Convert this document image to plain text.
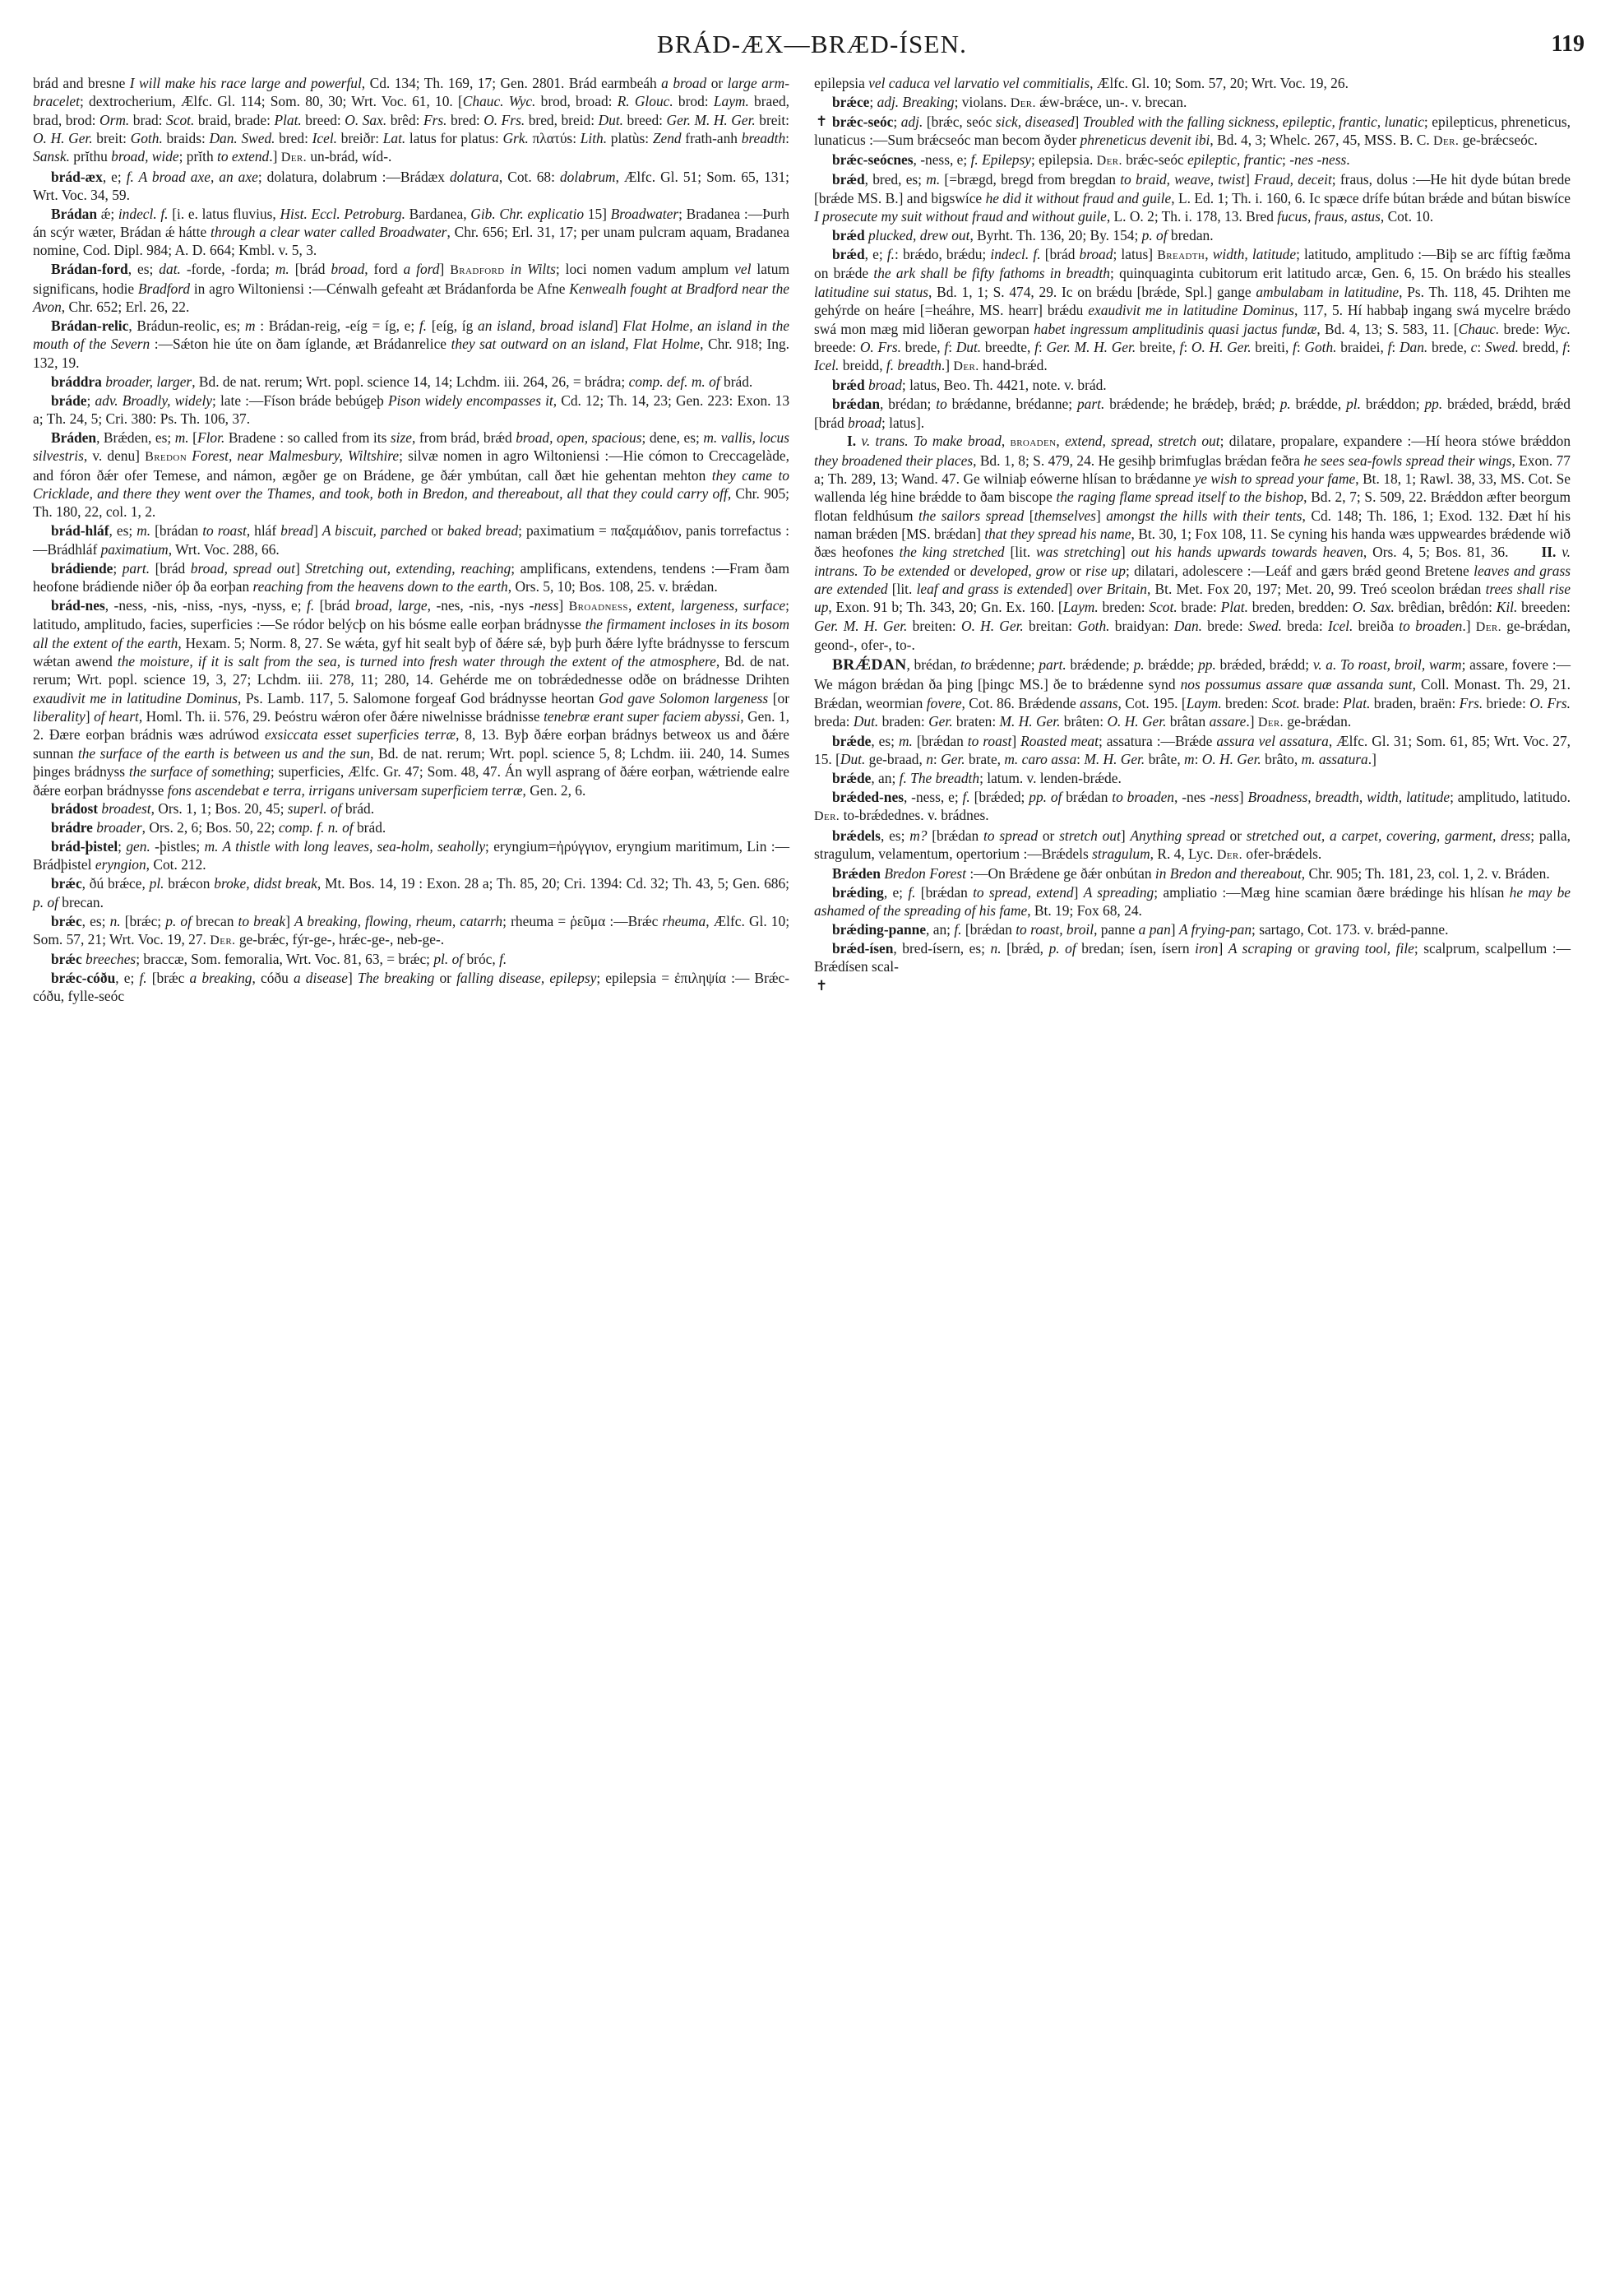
BRÁD-ÆX—BRÆD-ÍSEN.	119
✝
✝

brád and bresne I will make his race large and powerful, Cd. 134; Th. 169, 17; Gen. 2801. Brád earmbeáh a broad or large arm-bracelet; dextrocherium, Ælfc. Gl. 114; Som. 80, 30; Wrt. Voc. 61, 10. [Chauc. Wyc. brod, broad: R. Glouc. brod: Laym. braed, brad, brod: Orm. brad: Scot. braid, brade: Plat. breed: O. Sax. brêd: Frs. bred: O. Frs. bred, breid: Dut. breed: Ger. M. H. Ger. breit: O. H. Ger. breit: Goth. braids: Dan. Swed. bred: Icel. breiðr: Lat. latus for platus: Grk. πλατύs: Lith. platùs: Zend frath-anh breadth: Sansk. prĭthu broad, wide; prĭth to extend.] Der. un-brád, wíd-.

brád-æx, e; f. A broad axe, an axe; dolatura, dolabrum :—Brádæx dolatura, Cot. 68: dolabrum, Ælfc. Gl. 51; Som. 65, 131; Wrt. Voc. 34, 59.

Brádan ǽ; indecl. f. [i. e. latus fluvius, Hist. Eccl. Petroburg. Bardanea, Gib. Chr. explicatio 15] Broadwater; Bradanea :—Þurh án scýr wæter, Brádan ǽ hátte through a clear water called Broadwater, Chr. 656; Erl. 31, 17; per unam pulcram aquam, Bradanea nomine, Cod. Dipl. 984; A. D. 664; Kmbl. v. 5, 3.

Brádan-ford, es; dat. -forde, -forda; m. [brád broad, ford a ford] Bradford in Wilts; loci nomen vadum amplum vel latum significans, hodie Bradford in agro Wiltoniensi :—Cénwalh gefeaht æt Brádanforda be Afne Kenwealh fought at Bradford near the Avon, Chr. 652; Erl. 26, 22.

Brádan-relic, Brádun-reolic, es; m : Brádan-reig, -eíg = íg, e; f. [eíg, íg an island, broad island] Flat Holme, an island in the mouth of the Severn :—Sǽton hie úte on ðam íglande, æt Brádanrelice they sat outward on an island, Flat Holme, Chr. 918; Ing. 132, 19.

bráddra broader, larger, Bd. de nat. rerum; Wrt. popl. science 14, 14; Lchdm. iii. 264, 26, = brádra; comp. def. m. of brád.

bráde; adv. Broadly, widely; late :—Físon bráde bebúgeþ Pison widely encompasses it, Cd. 12; Th. 14, 23; Gen. 223: Exon. 13 a; Th. 24, 5; Cri. 380: Ps. Th. 106, 37.

Bráden, Brǽden, es; m. [Flor. Bradene : so called from its size, from brád, brǽd broad, open, spacious; dene, es; m. vallis, locus silvestris, v. denu] Bredon Forest, near Malmesbury, Wiltshire; silvæ nomen in agro Wiltoniensi :—Hie cómon to Creccagelàde, and fóron ðǽr ofer Temese, and námon, ægðer ge on Brádene, ge ðǽr ymbútan, call ðæt hie gehentan mehton they came to Cricklade, and there they went over the Thames, and took, both in Bredon, and thereabout, all that they could carry off, Chr. 905; Th. 180, 22, col. 1, 2.

brád-hláf, es; m. [brádan to roast, hláf bread] A biscuit, parched or baked bread; paximatium = παξαμάδιον, panis torrefactus :—Brádhláf paximatium, Wrt. Voc. 288, 66.

brádiende; part. [brád broad, spread out] Stretching out, extending, reaching; amplificans, extendens, tendens :—Fram ðam heofone brádiende niðer óþ ða eorþan reaching from the heavens down to the earth, Ors. 5, 10; Bos. 108, 25. v. brǽdan.

brád-nes, -ness, -nis, -niss, -nys, -nyss, e; f. [brád broad, large, -nes, -nis, -nys -ness] Broadness, extent, largeness, surface; latitudo, amplitudo, facies, superficies :—Se ródor belýcþ on his bósme ealle eorþan brádnysse the firmament incloses in its bosom all the extent of the earth, Hexam. 5; Norm. 8, 27. Se wǽta, gyf hit sealt byþ of ðǽre sǽ, byþ þurh ðǽre lyfte brádnysse to ferscum wǽtan awend the moisture, if it is salt from the sea, is turned into fresh water through the extent of the atmosphere, Bd. de nat. rerum; Wrt. popl. science 19, 3, 27; Lchdm. iii. 278, 11; 280, 14. Gehérde me on tobrǽdednesse odðe on brádnesse Drihten exaudivit me in latitudine Dominus, Ps. Lamb. 117, 5. Salomone forgeaf God brádnysse heortan God gave Solomon largeness [or liberality] of heart, Homl. Th. ii. 576, 29. Þeóstru wǽron ofer ðǽre niwelnisse brádnisse tenebræ erant super faciem abyssi, Gen. 1, 2. Ðære eorþan brádnis wæs adrúwod exsiccata esset superficies terræ, 8, 13. Byþ ðǽre eorþan brádnys betweox us and ðǽre sunnan the surface of the earth is between us and the sun, Bd. de nat. rerum; Wrt. popl. science 5, 8; Lchdm. iii. 240, 14. Sumes þinges brádnyss the surface of something; superficies, Ælfc. Gr. 47; Som. 48, 47. Án wyll asprang of ðǽre eorþan, wǽtriende ealre ðǽre eorþan brádnysse fons ascendebat e terra, irrigans universam superficiem terræ, Gen. 2, 6.

brádost broadest, Ors. 1, 1; Bos. 20, 45; superl. of brád.

brádre broader, Ors. 2, 6; Bos. 50, 22; comp. f. n. of brád.

brád-þistel; gen. -þistles; m. A thistle with long leaves, sea-holm, seaholly; eryngium=ἠρύγγιον, eryngium maritimum, Lin :— Brádþistel eryngion, Cot. 212.

brǽc, ðú brǽce, pl. brǽcon broke, didst break, Mt. Bos. 14, 19 : Exon. 28 a; Th. 85, 20; Cri. 1394: Cd. 32; Th. 43, 5; Gen. 686; p. of brecan.

brǽc, es; n. [brǽc; p. of brecan to break] A breaking, flowing, rheum, catarrh; rheuma = ῥεῦμα :—Brǽc rheuma, Ælfc. Gl. 10; Som. 57, 21; Wrt. Voc. 19, 27. Der. ge-brǽc, fýr-ge-, hrǽc-ge-, neb-ge-.

brǽc breeches; braccæ, Som. femoralia, Wrt. Voc. 81, 63, = brǽc; pl. of bróc, f.

brǽc-cóðu, e; f. [brǽc a breaking, cóðu a disease] The breaking or falling disease, epilepsy; epilepsia = ἐπιληψία :— Brǽc-cóðu, fylle-seóc

epilepsia vel caduca vel larvatio vel commitialis, Ælfc. Gl. 10; Som. 57, 20; Wrt. Voc. 19, 26.

brǽce; adj. Breaking; violans. Der. ǽw-brǽce, un-. v. brecan.

brǽc-seóc; adj. [brǽc, seóc sick, diseased] Troubled with the falling sickness, epileptic, frantic, lunatic; epilepticus, phreneticus, lunaticus :—Sum brǽcseóc man becom ðyder phreneticus devenit ibi, Bd. 4, 3; Whelc. 267, 45, MSS. B. C. Der. ge-brǽcseóc.

brǽc-seócnes, -ness, e; f. Epilepsy; epilepsia. Der. brǽc-seóc epileptic, frantic; -nes -ness.

brǽd, bred, es; m. [=brægd, bregd from bregdan to braid, weave, twist] Fraud, deceit; fraus, dolus :—He hit dyde bútan brede [brǽde MS. B.] and bigswíce he did it without fraud and guile, L. Ed. 1; Th. i. 160, 6. Ic spæce drífe bútan brǽde and bútan biswíce I prosecute my suit without fraud and without guile, L. O. 2; Th. i. 178, 13. Bred fucus, fraus, astus, Cot. 10.

brǽd plucked, drew out, Byrht. Th. 136, 20; By. 154; p. of bredan.

brǽd, e; f.: brǽdo, brǽdu; indecl. f. [brád broad; latus] Breadth, width, latitude; latitudo, amplitudo :—Biþ se arc fíftig fæðma on brǽde the ark shall be fifty fathoms in breadth; quinquaginta cubitorum erit latitudo arcæ, Gen. 6, 15. On brǽdo his stealles latitudine sui status, Bd. 1, 1; S. 474, 29. Ic on brǽdu [brǽde, Spl.] gange ambulabam in latitudine, Ps. Th. 118, 45. Drihten me gehýrde on heáre [=heáhre, MS. hearr] brǽdu exaudivit me in latitudine Dominus, 117, 5. Hí habbaþ ingang swá mycelre brǽdo swá mon mæg mid liðeran geworpan habet ingressum amplitudinis quasi jactus fundæ, Bd. 4, 13; S. 583, 11. [Chauc. brede: Wyc. breede: O. Frs. brede, f: Dut. breedte, f: Ger. M. H. Ger. breite, f: O. H. Ger. breiti, f: Goth. braidei, f: Dan. brede, c: Swed. bredd, f: Icel. breidd, f. breadth.] Der. hand-brǽd.

brǽd broad; latus, Beo. Th. 4421, note. v. brád.

brǽdan, brédan; to brǽdanne, brédanne; part. brǽdende; he brǽdeþ, brǽd; p. brǽdde, pl. brǽddon; pp. brǽded, brǽdd, brǽd [brád broad; latus].
I. v. trans. To make broad, broaden, extend, spread, stretch out; dilatare, propalare, expandere :—Hí heora stówe brǽddon they broadened their places, Bd. 1, 8; S. 479, 24. He gesihþ brimfuglas brǽdan feðra he sees sea-fowls spread their wings, Exon. 77 a; Th. 289, 13; Wand. 47. Ge wilniaþ eówerne hlísan to brǽdanne ye wish to spread your fame, Bt. 18, 1; Rawl. 38, 33, MS. Cot. Se wallenda lég hine brǽdde to ðam biscope the raging flame spread itself to the bishop, Bd. 2, 7; S. 509, 22. Brǽddon æfter beorgum flotan feldhúsum the sailors spread [themselves] amongst the hills with their tents, Cd. 148; Th. 186, 1; Exod. 132. Ðæt hí his naman brǽden [MS. brǽdan] that they spread his name, Bt. 30, 1; Fox 108, 11. Se cyning his handa wæs uppweardes brǽdende wið ðæs heofones the king stretched [lit. was stretching] out his hands upwards towards heaven, Ors. 4, 5; Bos. 81, 36. II. v. intrans. To be extended or developed, grow or rise up; dilatari, adolescere :—Leáf and gærs brǽd geond Bretene leaves and grass are extended [lit. leaf and grass is extended] over Britain, Bt. Met. Fox 20, 197; Met. 20, 99. Treó sceolon brǽdan trees shall rise up, Exon. 91 b; Th. 343, 20; Gn. Ex. 160. [Laym. breden: Scot. brade: Plat. breden, bredden: O. Sax. brêdian, brêdón: Kil. breeden: Ger. M. H. Ger. breiten: O. H. Ger. breitan: Goth. braidyan: Dan. brede: Swed. breda: Icel. breiða to broaden.] Der. ge-brǽdan, geond-, ofer-, to-.

BRǼDAN, brédan, to brǽdenne; part. brǽdende; p. brǽdde; pp. brǽded, brǽdd; v. a. To roast, broil, warm; assare, fovere :—We mágon brǽdan ða þing [þingc MS.] ðe to brǽdenne synd nos possumus assare quæ assanda sunt, Coll. Monast. Th. 29, 21. Brǽdan, weormian fovere, Cot. 86. Brǽdende assans, Cot. 195. [Laym. breden: Scot. brade: Plat. braden, braën: Frs. briede: O. Frs. breda: Dut. braden: Ger. braten: M. H. Ger. brâten: O. H. Ger. brâtan assare.] Der. ge-brǽdan.

brǽde, es; m. [brǽdan to roast] Roasted meat; assatura :—Brǽde assura vel assatura, Ælfc. Gl. 31; Som. 61, 85; Wrt. Voc. 27, 15. [Dut. ge-braad, n: Ger. brate, m. caro assa: M. H. Ger. brâte, m: O. H. Ger. brâto, m. assatura.]

brǽde, an; f. The breadth; latum. v. lenden-brǽde.

brǽded-nes, -ness, e; f. [brǽded; pp. of brǽdan to broaden, -nes -ness] Broadness, breadth, width, latitude; amplitudo, latitudo. Der. to-brǽdednes. v. brádnes.

brǽdels, es; m? [brǽdan to spread or stretch out] Anything spread or stretched out, a carpet, covering, garment, dress; palla, stragulum, velamentum, opertorium :—Brǽdels stragulum, R. 4, Lyc. Der. ofer-brǽdels.

Brǽden Bredon Forest :—On Brǽdene ge ðǽr onbútan in Bredon and thereabout, Chr. 905; Th. 181, 23, col. 1, 2. v. Bráden.

brǽding, e; f. [brǽdan to spread, extend] A spreading; ampliatio :—Mæg hine scamian ðære brǽdinge his hlísan he may be ashamed of the spreading of his fame, Bt. 19; Fox 68, 24.

brǽding-panne, an; f. [brǽdan to roast, broil, panne a pan] A frying-pan; sartago, Cot. 173. v. brǽd-panne.

brǽd-ísen, bred-ísern, es; n. [brǽd, p. of bredan; ísen, ísern iron] A scraping or graving tool, file; scalprum, scalpellum :—Brǽdísen scal-
